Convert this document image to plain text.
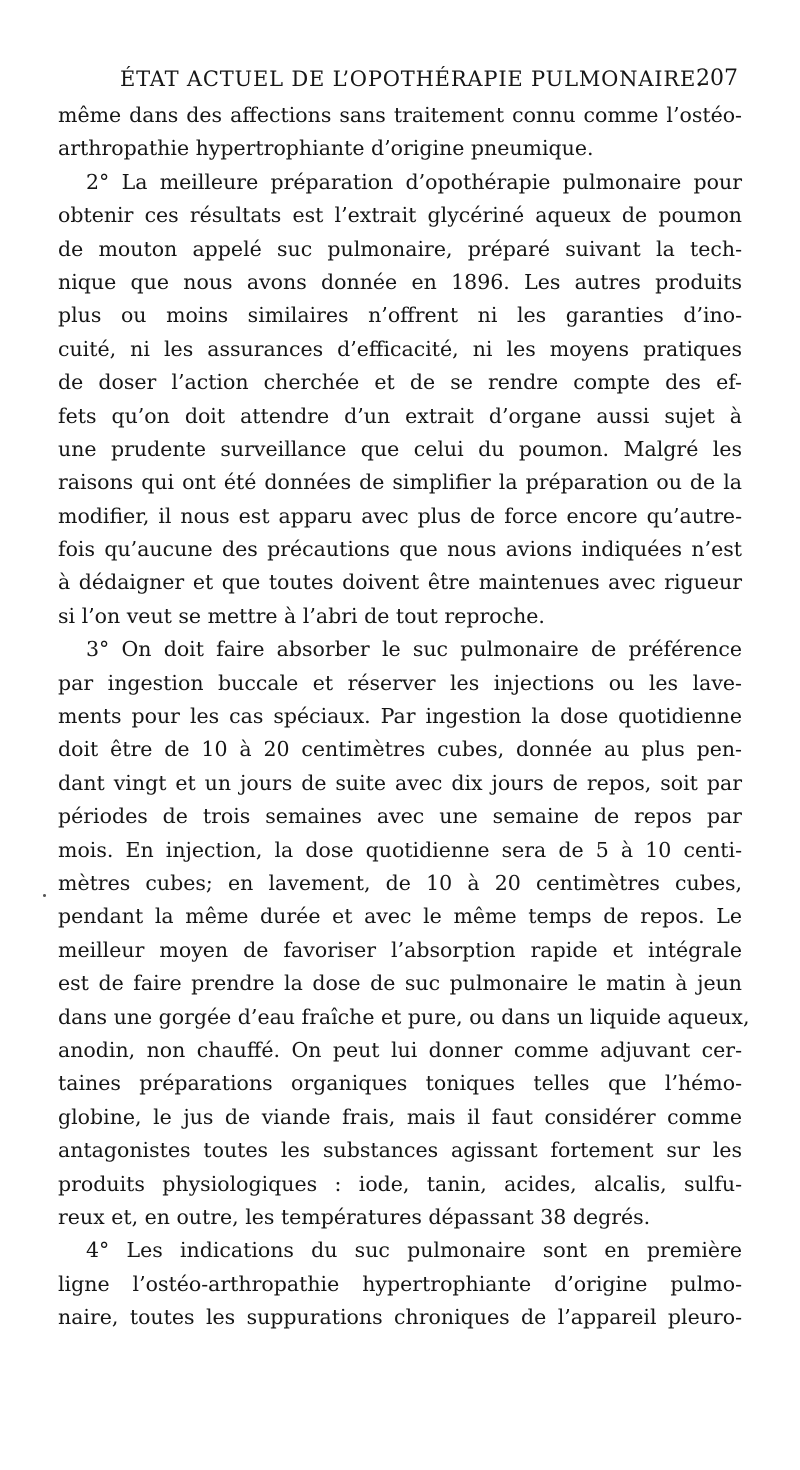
ÉTAT ACTUEL DE L’OPOTHÉRAPIE PULMONAIRE.
207
même dans des affections sans traitement connu comme l’ostéo-
arthropathie hypertrophiante d’origine pneumique.
2° La meilleure préparation d’opothérapie pulmonaire pour
obtenir ces résultats est l’extrait glycériné aqueux de poumon
de mouton appelé suc pulmonaire, préparé suivant la tech-
nique que nous avons donnée en 1896. Les autres produits
plus ou moins similaires n’offrent ni les garanties d’ino-
cuité, ni les assurances d’efficacité, ni les moyens pratiques
de doser l’action cherchée et de se rendre compte des ef-
fets qu’on doit attendre d’un extrait d’organe aussi sujet à
une prudente surveillance que celui du poumon. Malgré les
raisons qui ont été données de simplifier la préparation ou de la
modifier, il nous est apparu avec plus de force encore qu’autre-
fois qu’aucune des précautions que nous avions indiquées n’est
à dédaigner et que toutes doivent être maintenues avec rigueur
si l’on veut se mettre à l’abri de tout reproche.
3° On doit faire absorber le suc pulmonaire de préférence
par ingestion buccale et réserver les injections ou les lave-
ments pour les cas spéciaux. Par ingestion la dose quotidienne
doit être de 10 à 20 centimètres cubes, donnée au plus pen-
dant vingt et un jours de suite avec dix jours de repos, soit par
périodes de trois semaines avec une semaine de repos par
mois. En injection, la dose quotidienne sera de 5 à 10 centi-
mètres cubes; en lavement, de 10 à 20 centimètres cubes,
pendant la même durée et avec le même temps de repos. Le
meilleur moyen de favoriser l’absorption rapide et intégrale
est de faire prendre la dose de suc pulmonaire le matin à jeun
dans une gorgée d’eau fraîche et pure, ou dans un liquide aqueux,
anodin, non chauffé. On peut lui donner comme adjuvant cer-
taines préparations organiques toniques telles que l’hémo-
globine, le jus de viande frais, mais il faut considérer comme
antagonistes toutes les substances agissant fortement sur les
produits physiologiques : iode, tanin, acides, alcalis, sulfu-
reux et, en outre, les températures dépassant 38 degrés.
4° Les indications du suc pulmonaire sont en première
ligne l’ostéo-arthropathie hypertrophiante d’origine pulmo-
naire, toutes les suppurations chroniques de l’appareil pleuro-
